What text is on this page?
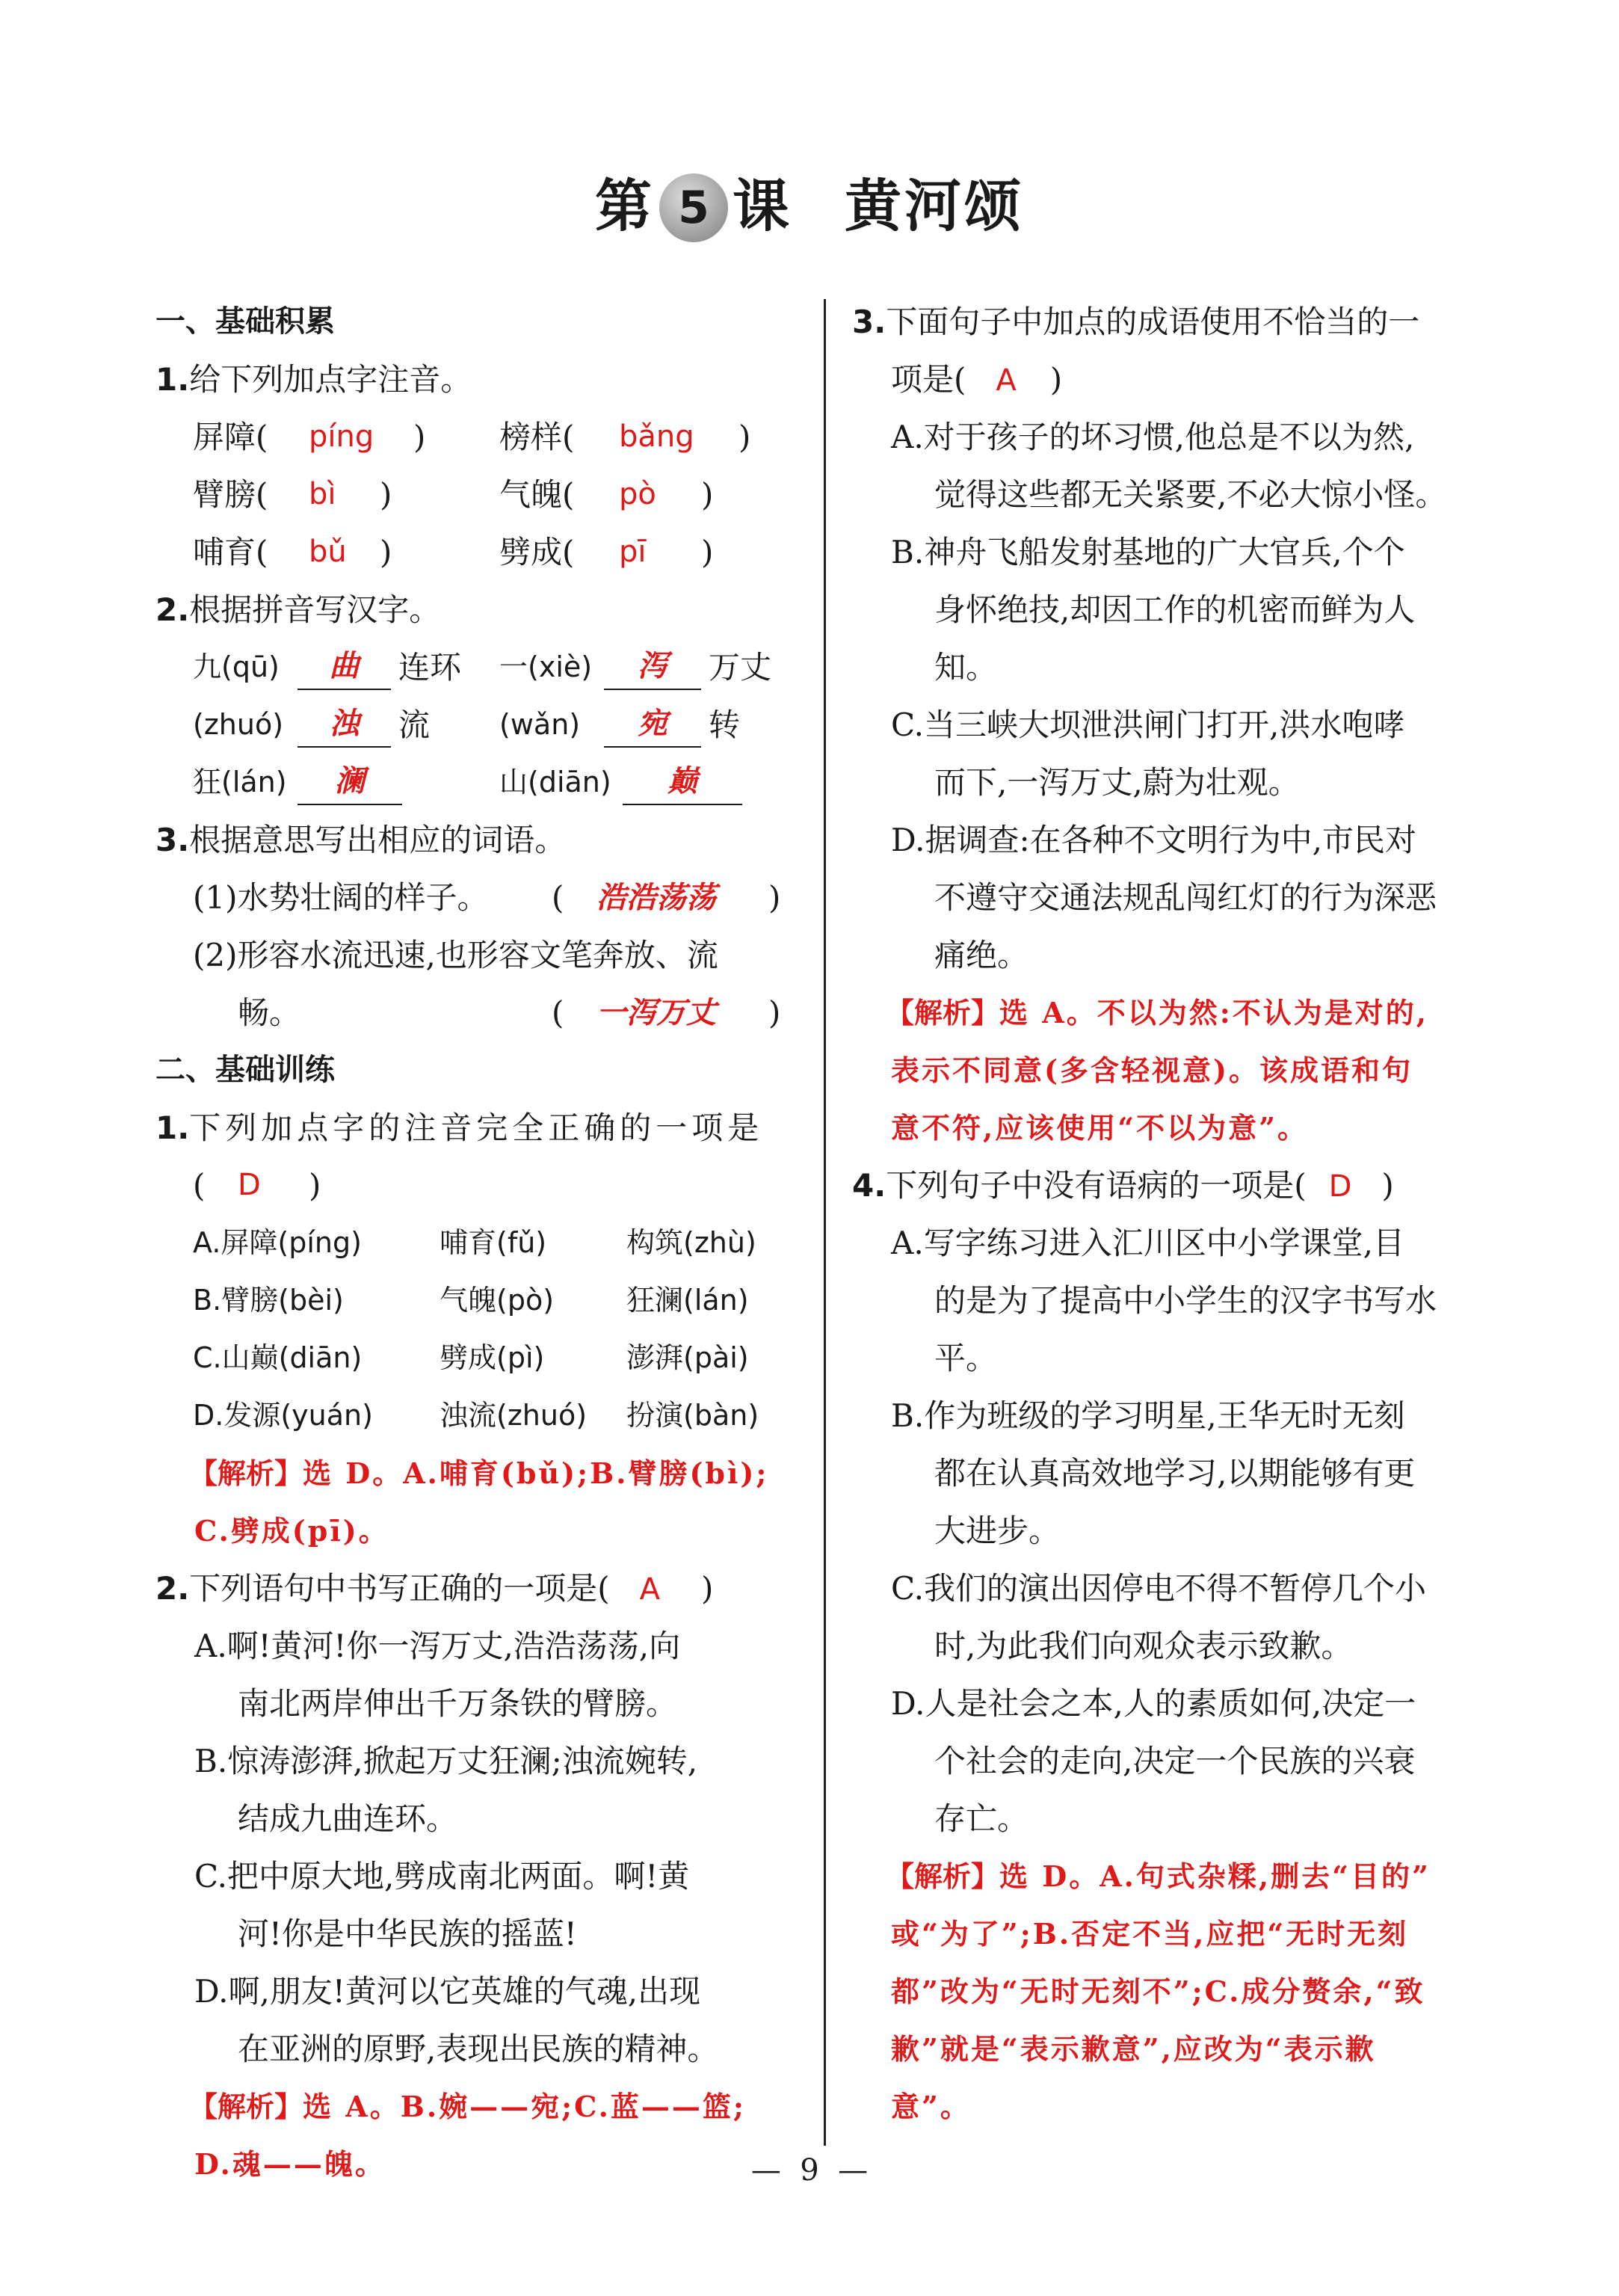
第 5 课 黄河颂
一、基础积累
1.给下列加点字注音。
屏障( píng ) 榜样( bǎng )
臂膀( bì )	气魄( pò )
哺育( bǔ )	劈成( pī )
2.根据拼音写汉字。
九(qū)	曲	连环 一(xiè)	泻	万丈
(zhuó)	浊	流 (wǎn)	宛	转
狂(lán)	澜	山(diān)	巅
3.根据意思写出相应的词语。
(1)水势壮阔的样子。 ( 浩浩荡荡 )
(2)形容水流迅速,也形容文笔奔放、流
畅。	( 一泻万丈 )
二、基础训练
1.下列加点字的注音完全正确的一项是
( D )
A.屏障(píng)	哺育(fǔ)	构筑(zhù)
B.臂膀(bèi)	气魄(pò)	狂澜(lán)
C.山巅(diān)	劈成(pì)	澎湃(pài)
D.发源(yuán) 浊流(zhuó) 扮演(bàn)
【解析】选 D。A.哺育(bǔ);B.臂膀(bì);
C.劈成(pī)。
2.下列语句中书写正确的一项是( A )
A.啊!黄河!你一泻万丈,浩浩荡荡,向
南北两岸伸出千万条铁的臂膀。
B.惊涛澎湃,掀起万丈狂澜;浊流婉转,
结成九曲连环。
C.把中原大地,劈成南北两面。啊!黄
河!你是中华民族的摇蓝!
D.啊,朋友!黄河以它英雄的气魂,出现
在亚洲的原野,表现出民族的精神。
【解析】选 A。B.婉——宛;C.蓝——篮;
D.魂——魄。
3.下面句子中加点的成语使用不恰当的一
项是( A )
A.对于孩子的坏习惯,他总是不以为然,
觉得这些都无关紧要,不必大惊小怪。
B.神舟飞船发射基地的广大官兵,个个
身怀绝技,却因工作的机密而鲜为人
知。
C.当三峡大坝泄洪闸门打开,洪水咆哮
而下,一泻万丈,蔚为壮观。
D.据调查:在各种不文明行为中,市民对
不遵守交通法规乱闯红灯的行为深恶
痛绝。
【解析】选 A。不以为然:不认为是对的,
表示不同意(多含轻视意)。该成语和句
意不符,应该使用“不以为意”。
4.下列句子中没有语病的一项是( D )
A.写字练习进入汇川区中小学课堂,目
的是为了提高中小学生的汉字书写水
平。
B.作为班级的学习明星,王华无时无刻
都在认真高效地学习,以期能够有更
大进步。
C.我们的演出因停电不得不暂停几个小
时,为此我们向观众表示致歉。
D.人是社会之本,人的素质如何,决定一
个社会的走向,决定一个民族的兴衰
存亡。
【解析】选 D。A.句式杂糅,删去“目的”
或“为了”;B.否定不当,应把“无时无刻
都”改为“无时无刻不”;C.成分赘余,“致
歉”就是“表示歉意”,应改为“表示歉
意”。
— 9 —
